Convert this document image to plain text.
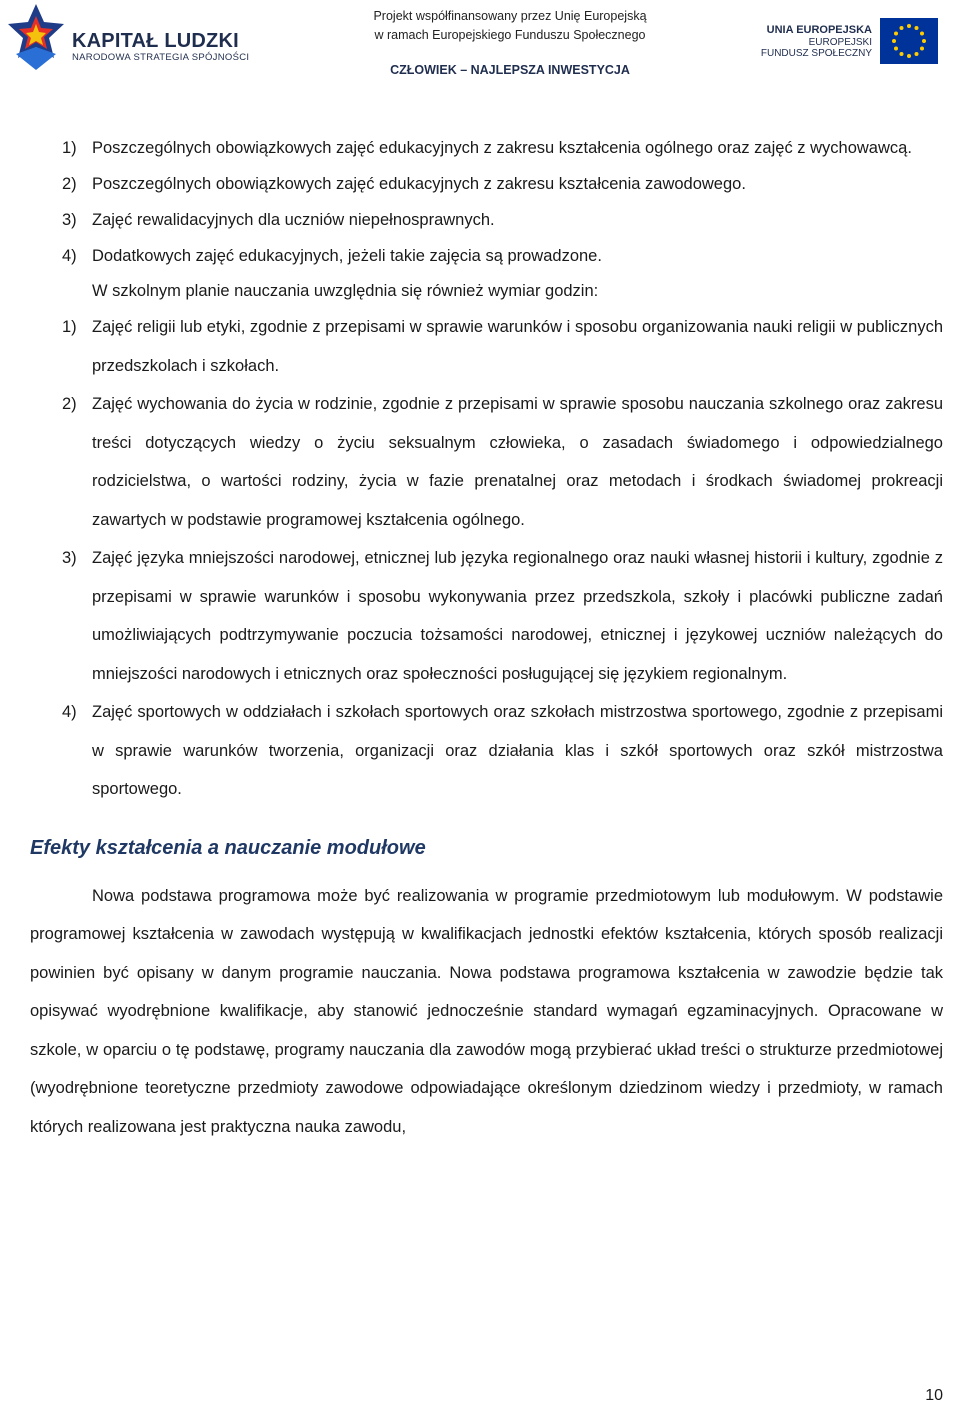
KAPITAŁ LUDZKI
NARODOWA STRATEGIA SPÓJNOŚCI
Projekt współfinansowany przez Unię Europejską
w ramach Europejskiego Funduszu Społecznego
CZŁOWIEK – NAJLEPSZA INWESTYCJA
UNIA EUROPEJSKA
EUROPEJSKI
FUNDUSZ SPOŁECZNY
1) Poszczególnych obowiązkowych zajęć edukacyjnych z zakresu kształcenia ogólnego oraz zajęć z wychowawcą.
2) Poszczególnych obowiązkowych zajęć edukacyjnych z zakresu kształcenia zawodowego.
3) Zajęć rewalidacyjnych dla uczniów niepełnosprawnych.
4) Dodatkowych zajęć edukacyjnych, jeżeli takie zajęcia są prowadzone.
W szkolnym planie nauczania uwzględnia się również wymiar godzin:
1) Zajęć religii lub etyki, zgodnie z przepisami w sprawie warunków i sposobu organizowania nauki religii w publicznych przedszkolach i szkołach.
2) Zajęć wychowania do życia w rodzinie, zgodnie z przepisami w sprawie sposobu nauczania szkolnego oraz zakresu treści dotyczących wiedzy o życiu seksualnym człowieka, o zasadach świadomego i odpowiedzialnego rodzicielstwa, o wartości rodziny, życia w fazie prenatalnej oraz metodach i środkach świadomej prokreacji zawartych w podstawie programowej kształcenia ogólnego.
3) Zajęć języka mniejszości narodowej, etnicznej lub języka regionalnego oraz nauki własnej historii i kultury, zgodnie z przepisami w sprawie warunków i sposobu wykonywania przez przedszkola, szkoły i placówki publiczne zadań umożliwiających podtrzymywanie poczucia tożsamości narodowej, etnicznej i językowej uczniów należących do mniejszości narodowych i etnicznych oraz społeczności posługującej się językiem regionalnym.
4) Zajęć sportowych w oddziałach i szkołach sportowych oraz szkołach mistrzostwa sportowego, zgodnie z przepisami w sprawie warunków tworzenia, organizacji oraz działania klas i szkół sportowych oraz szkół mistrzostwa sportowego.
Efekty kształcenia a nauczanie modułowe
Nowa podstawa programowa może być realizowania w programie przedmiotowym lub modułowym. W podstawie programowej kształcenia w zawodach występują w kwalifikacjach jednostki efektów kształcenia, których sposób realizacji powinien być opisany w danym programie nauczania. Nowa podstawa programowa kształcenia w zawodzie będzie tak opisywać wyodrębnione kwalifikacje, aby stanowić jednocześnie standard wymagań egzaminacyjnych. Opracowane w szkole, w oparciu o tę podstawę, programy nauczania dla zawodów mogą przybierać układ treści o strukturze przedmiotowej (wyodrębnione teoretyczne przedmioty zawodowe odpowiadające określonym dziedzinom wiedzy i przedmioty, w ramach których realizowana jest praktyczna nauka zawodu,
10
